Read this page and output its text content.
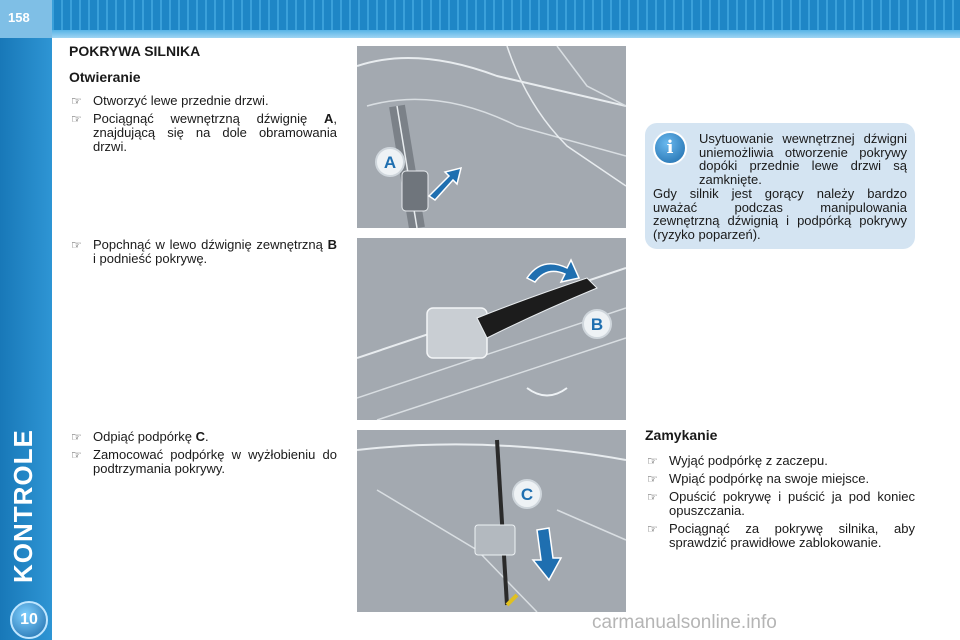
158
KONTROLE
10
POKRYWA SILNIKA
Otwieranie
☞ Otworzyć lewe przednie drzwi.
☞ Pociągnąć wewnętrzną dźwignię A, znajdującą się na dole obramowania drzwi.
☞ Popchnąć w lewo dźwignię zewnętrzną B i podnieść pokrywę.
☞ Odpiąć podpórkę C.
☞ Zamocować podpórkę w wyżłobieniu do podtrzymania pokrywy.
A
B
C
i	Usytuowanie wewnętrznej dźwigni uniemożliwia otworzenie pokrywy dopóki przednie lewe drzwi są zamknięte.
Gdy silnik jest gorący należy bardzo uważać podczas manipulowania zewnętrzną dźwignią i podpórką pokrywy (ryzyko poparzeń).
Zamykanie
☞ Wyjąć podpórkę z zaczepu.
☞ Wpiąć podpórkę na swoje miejsce.
☞ Opuścić pokrywę i puścić ja pod koniec opuszczania.
☞ Pociągnąć za pokrywę silnika, aby sprawdzić prawidłowe zablokowanie.
carmanualsonline.info
